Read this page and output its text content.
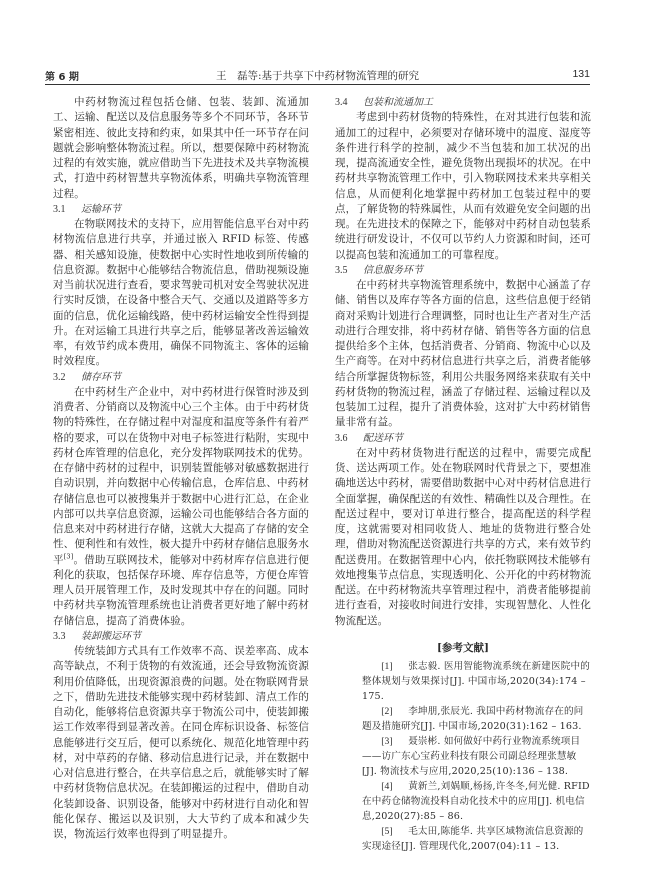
第 6 期	王　磊等:基于共享下中药材物流管理的研究	131

中药材物流过程包括仓储、包装、装卸、流通加工、运输、配送以及信息服务等多个不同环节，各环节紧密相连、彼此支持和约束，如果其中任一环节存在问题就会影响整体物流过程。所以，想要保障中药材物流过程的有效实施，就应借助当下先进技术及共享物流模式，打造中药材智慧共享物流体系，明确共享物流管理过程。

3.1 运输环节

在物联网技术的支持下，应用智能信息平台对中药材物流信息进行共享，并通过嵌入 RFID 标签、传感器、相关感知设施，使数据中心实时性地收到所传输的信息资源。数据中心能够结合物流信息，借助视频设施对当前状况进行查看，要求驾驶司机对安全驾驶状况进行实时反馈，在设备中整合天气、交通以及道路等多方面的信息，优化运输线路，使中药材运输安全性得到提升。在对运输工具进行共享之后，能够显著改善运输效率，有效节约成本费用，确保不同物流主、客体的运输时效程度。

3.2 储存环节

在中药材生产企业中，对中药材进行保管时涉及到消费者、分销商以及物流中心三个主体。由于中药材货物的特殊性，在存储过程中对湿度和温度等条件有着严格的要求，可以在货物中对电子标签进行粘附，实现中药材仓库管理的信息化，充分发挥物联网技术的优势。在存储中药材的过程中，识别装置能够对敏感数据进行自动识别，并向数据中心传输信息，仓库信息、中药材存储信息也可以被搜集并于数据中心进行汇总，在企业内部可以共享信息资源，运输公司也能够结合各方面的信息来对中药材进行存储，这就大大提高了存储的安全性、便利性和有效性，极大提升中药材存储信息服务水平[3]。借助互联网技术，能够对中药材库存信息进行便利化的获取，包括保存环境、库存信息等，方便仓库管理人员开展管理工作，及时发现其中存在的问题。同时中药材共享物流管理系统也让消费者更好地了解中药材存储信息，提高了消费体验。

3.3 装卸搬运环节

传统装卸方式具有工作效率不高、误差率高、成本高等缺点，不利于货物的有效流通，还会导致物流资源利用价值降低，出现资源浪费的问题。处在物联网背景之下，借助先进技术能够实现中药材装卸、清点工作的自动化，能够将信息资源共享于物流公司中，使装卸搬运工作效率得到显著改善。在同仓库标识设备、标签信息能够进行交互后，便可以系统化、规范化地管理中药材，对中草药的存储、移动信息进行记录，并在数据中心对信息进行整合，在共享信息之后，就能够实时了解中药材货物信息状况。在装卸搬运的过程中，借助自动化装卸设备、识别设备，能够对中药材进行自动化和智能化保存、搬运以及识别，大大节约了成本和减少失误，物流运行效率也得到了明显提升。

3.4 包装和流通加工

考虑到中药材货物的特殊性，在对其进行包装和流通加工的过程中，必须要对存储环境中的温度、湿度等条件进行科学的控制，减少不当包装和加工状况的出现，提高流通安全性，避免货物出现损坏的状况。在中药材共享物流管理工作中，引入物联网技术来共享相关信息，从而便利化地掌握中药材加工包装过程中的要点，了解货物的特殊属性，从而有效避免安全问题的出现。在先进技术的保障之下，能够对中药材自动包装系统进行研发设计，不仅可以节约人力资源和时间，还可以提高包装和流通加工的可靠程度。

3.5 信息服务环节

在中药材共享物流管理系统中，数据中心涵盖了存储、销售以及库存等各方面的信息，这些信息便于经销商对采购计划进行合理调整，同时也让生产者对生产活动进行合理安排，将中药材存储、销售等各方面的信息提供给多个主体，包括消费者、分销商、物流中心以及生产商等。在对中药材信息进行共享之后，消费者能够结合所掌握货物标签，利用公共服务网络来获取有关中药材货物的物流过程，涵盖了存储过程、运输过程以及包装加工过程，提升了消费体验，这对扩大中药材销售量非常有益。

3.6 配送环节

在对中药材货物进行配送的过程中，需要完成配货、送达两项工作。处在物联网时代背景之下，要想准确地送达中药材，需要借助数据中心对中药材信息进行全面掌握，确保配送的有效性、精确性以及合理性。在配送过程中，要对订单进行整合，提高配送的科学程度，这就需要对相同收货人、地址的货物进行整合处理，借助对物流配送资源进行共享的方式，来有效节约配送费用。在数据管理中心内，依托物联网技术能够有效地搜集节点信息，实现透明化、公开化的中药材物流配送。在中药材物流共享管理过程中，消费者能够提前进行查看，对接收时间进行安排，实现智慧化、人性化物流配送。

[参考文献]

[1] 张志毅. 医用智能物流系统在新建医院中的整体规划与效果探讨[J]. 中国市场,2020(34):174 – 175.

[2] 李坤朋,张辰光. 我国中药材物流存在的问题及措施研究[J]. 中国市场,2020(31):162 – 163.

[3] 聂崇彬. 如何做好中药行业物流系统项目——访广东心宝药业科技有限公司副总经理张慧敏[J]. 物流技术与应用,2020,25(10):136 – 138.

[4] 黄新兰,刘娲顺,杨扬,许冬冬,何光健. RFID 在中药仓储物流投料自动化技术中的应用[J]. 机电信息,2020(27):85 – 86.

[5] 毛太田,陈能华. 共享区域物流信息资源的实现途径[J]. 管理现代化,2007(04):11 – 13.
